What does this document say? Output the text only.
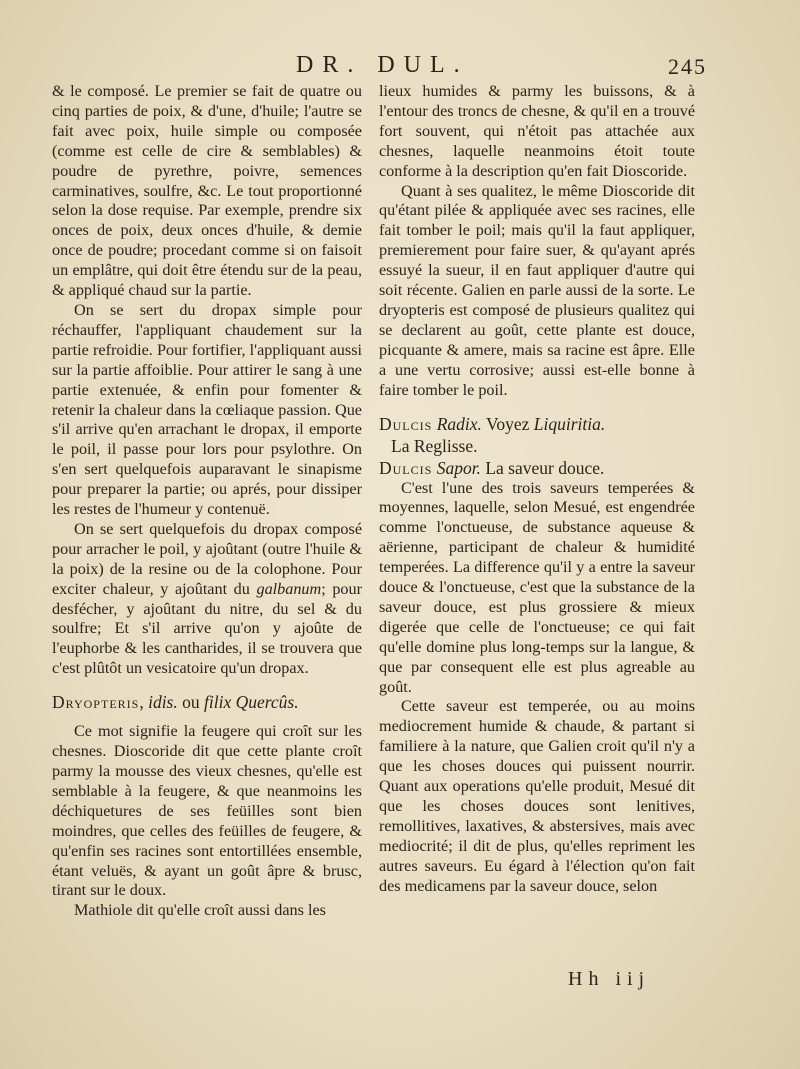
DR. DUL.	245

& le composé. Le premier se fait de quatre ou cinq parties de poix, & d'une, d'huile; l'autre se fait avec poix, huile simple ou composée (comme est celle de cire & semblables) & poudre de pyrethre, poivre, semences carminatives, soulfre, &c. Le tout proportionné selon la dose requise. Par exemple, prendre six onces de poix, deux onces d'huile, & demie once de poudre; procedant comme si on faisoit un emplâtre, qui doit être étendu sur de la peau, & appliqué chaud sur la partie.

On se sert du dropax simple pour réchauffer, l'appliquant chaudement sur la partie refroidie. Pour fortifier, l'appliquant aussi sur la partie affoiblie. Pour attirer le sang à une partie extenuée, & enfin pour fomenter & retenir la chaleur dans la cœliaque passion. Que s'il arrive qu'en arrachant le dropax, il emporte le poil, il passe pour lors pour psylothre. On s'en sert quelquefois auparavant le sinapisme pour preparer la partie; ou aprés, pour dissiper les restes de l'humeur y contenuë.

On se sert quelquefois du dropax composé pour arracher le poil, y ajoûtant (outre l'huile & la poix) de la resine ou de la colophone. Pour exciter chaleur, y ajoûtant du galbanum; pour desfécher, y ajoûtant du nitre, du sel & du soulfre; Et s'il arrive qu'on y ajoûte de l'euphorbe & les cantharides, il se trouvera que c'est plûtôt un vesicatoire qu'un dropax.

Dryopteris, idis. ou filix Quercûs.

Ce mot signifie la feugere qui croît sur les chesnes. Dioscoride dit que cette plante croît parmy la mousse des vieux chesnes, qu'elle est semblable à la feugere, & que neanmoins les déchiquetures de ses feüilles sont bien moindres, que celles des feüilles de feugere, & qu'enfin ses racines sont entortillées ensemble, étant veluës, & ayant un goût âpre & brusc, tirant sur le doux.

Mathiole dit qu'elle croît aussi dans les

lieux humides & parmy les buissons, & à l'entour des troncs de chesne, & qu'il en a trouvé fort souvent, qui n'étoit pas attachée aux chesnes, laquelle neanmoins étoit toute conforme à la description qu'en fait Dioscoride.

Quant à ses qualitez, le même Dioscoride dit qu'étant pilée & appliquée avec ses racines, elle fait tomber le poil; mais qu'il la faut appliquer, premierement pour faire suer, & qu'ayant aprés essuyé la sueur, il en faut appliquer d'autre qui soit récente. Galien en parle aussi de la sorte. Le dryopteris est composé de plusieurs qualitez qui se declarent au goût, cette plante est douce, picquante & amere, mais sa racine est âpre. Elle a une vertu corrosive; aussi est-elle bonne à faire tomber le poil.

Dulcis Radix. Voyez Liquiritia.

La Reglisse.

Dulcis Sapor. La saveur douce.

C'est l'une des trois saveurs temperées & moyennes, laquelle, selon Mesué, est engendrée comme l'onctueuse, de substance aqueuse & aërienne, participant de chaleur & humidité temperées. La difference qu'il y a entre la saveur douce & l'onctueuse, c'est que la substance de la saveur douce, est plus grossiere & mieux digerée que celle de l'onctueuse; ce qui fait qu'elle domine plus long-temps sur la langue, & que par consequent elle est plus agreable au goût.

Cette saveur est temperée, ou au moins mediocrement humide & chaude, & partant si familiere à la nature, que Galien croit qu'il n'y a que les choses douces qui puissent nourrir. Quant aux operations qu'elle produit, Mesué dit que les choses douces sont lenitives, remollitives, laxatives, & abstersives, mais avec mediocrité; il dit de plus, qu'elles repriment les autres saveurs. Eu égard à l'élection qu'on fait des medicamens par la saveur douce, selon

Hh iij
